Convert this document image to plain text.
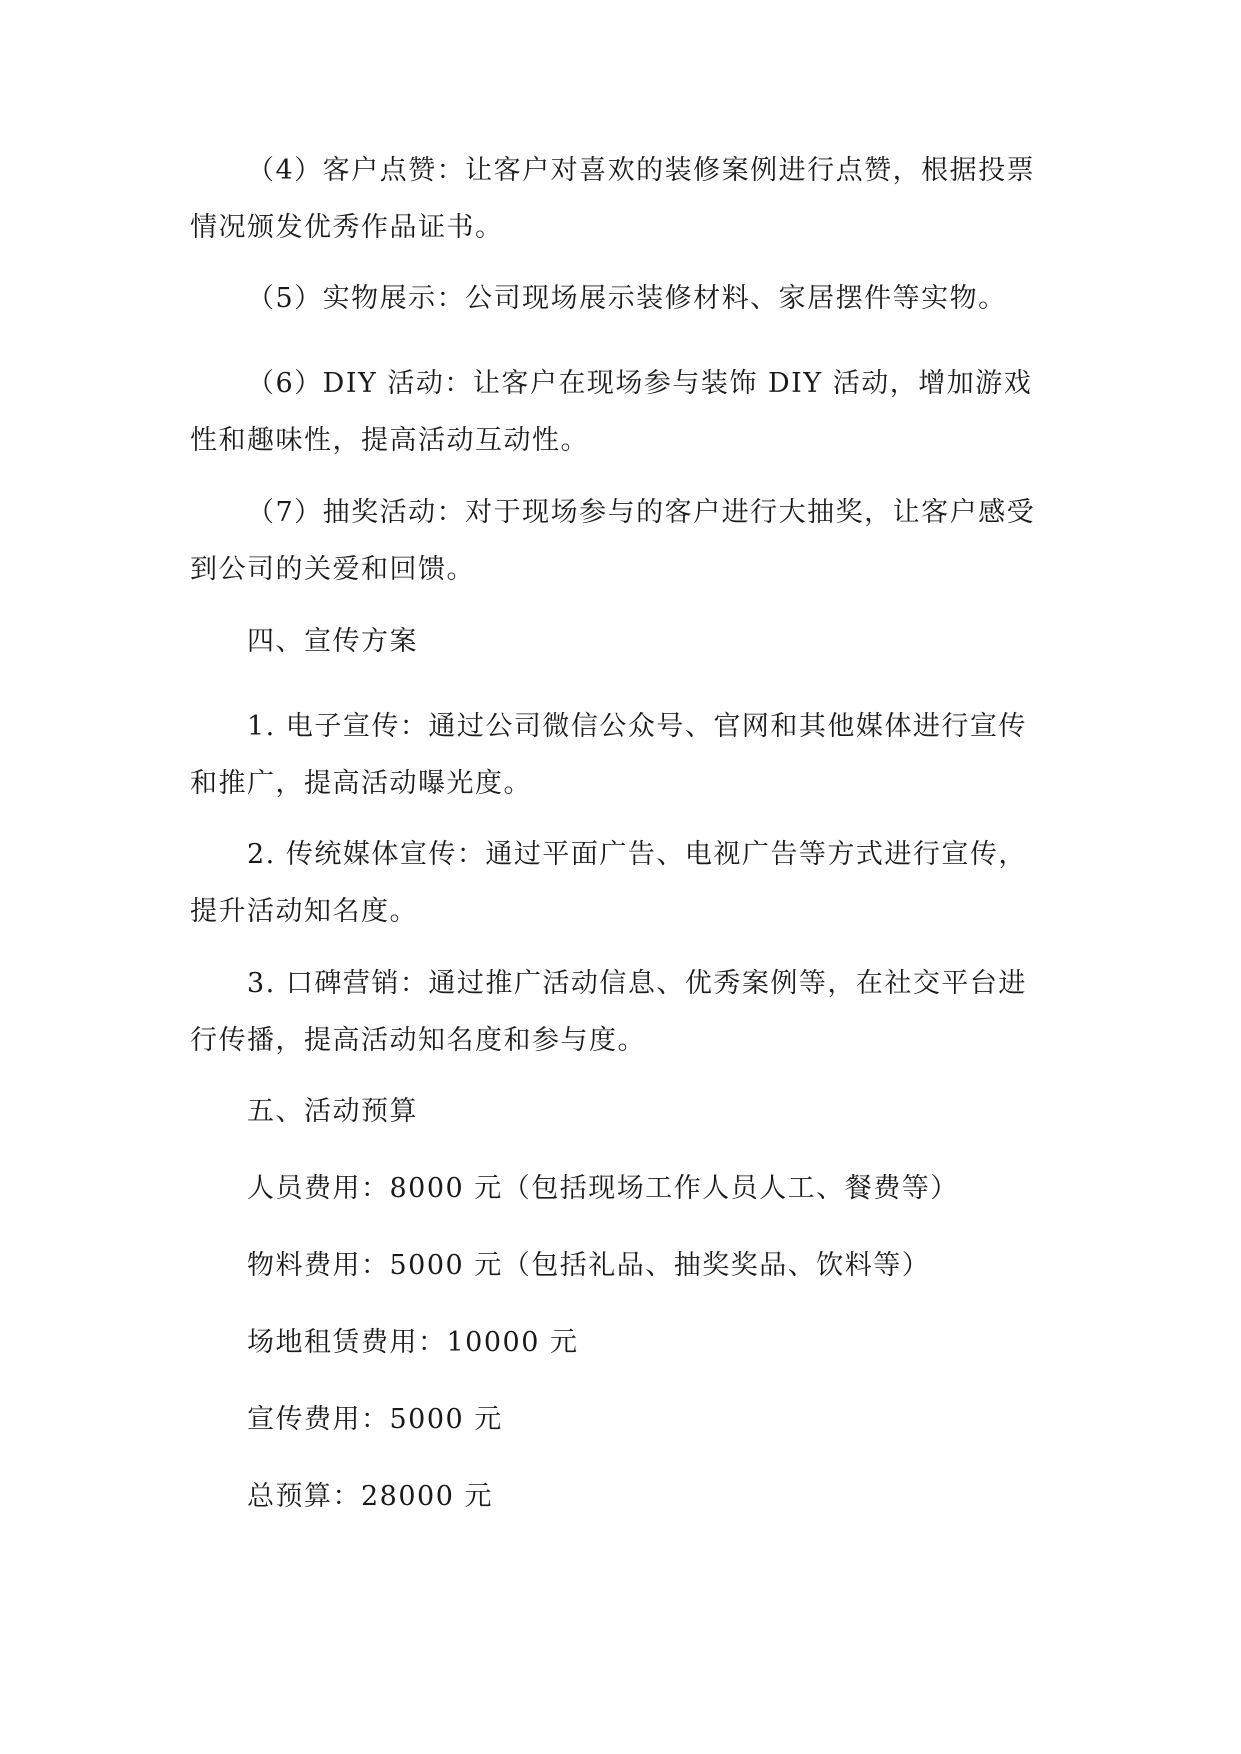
（4）客户点赞：让客户对喜欢的装修案例进行点赞，根据投票情况颁发优秀作品证书。

（5）实物展示：公司现场展示装修材料、家居摆件等实物。

（6）DIY 活动：让客户在现场参与装饰 DIY 活动，增加游戏性和趣味性，提高活动互动性。

（7）抽奖活动：对于现场参与的客户进行大抽奖，让客户感受到公司的关爱和回馈。

四、宣传方案

1. 电子宣传：通过公司微信公众号、官网和其他媒体进行宣传和推广，提高活动曝光度。

2. 传统媒体宣传：通过平面广告、电视广告等方式进行宣传，提升活动知名度。

3. 口碑营销：通过推广活动信息、优秀案例等，在社交平台进行传播，提高活动知名度和参与度。

五、活动预算

人员费用：8000 元（包括现场工作人员人工、餐费等）

物料费用：5000 元（包括礼品、抽奖奖品、饮料等）

场地租赁费用：10000 元

宣传费用：5000 元

总预算：28000 元
